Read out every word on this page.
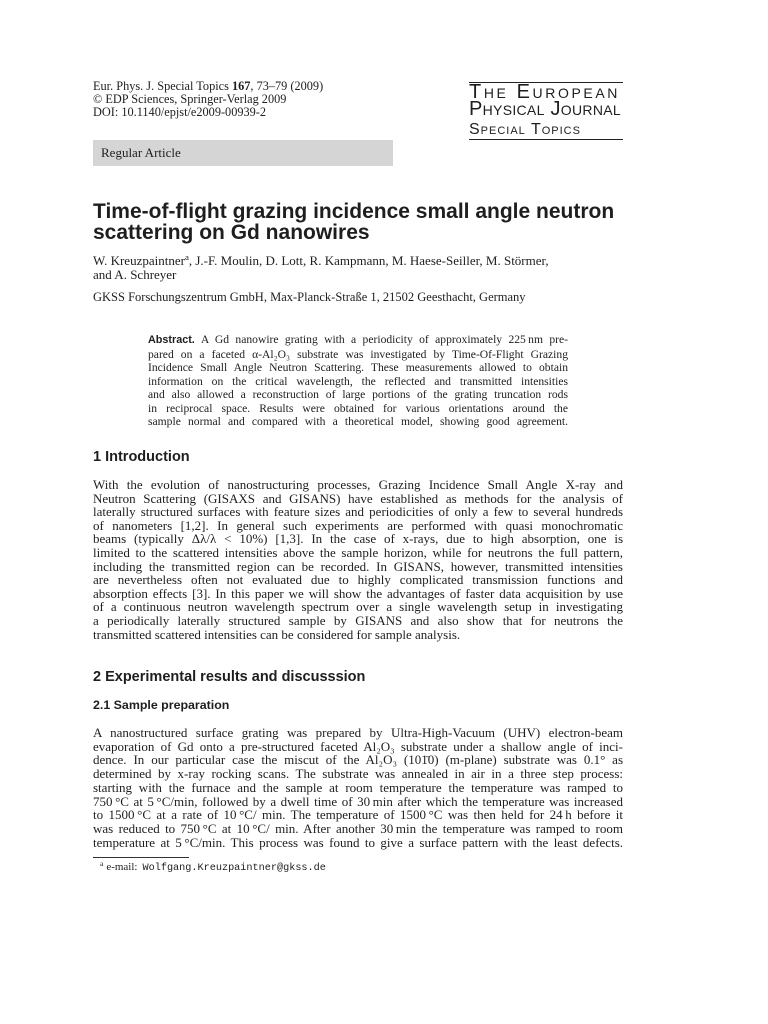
Eur. Phys. J. Special Topics 167, 73–79 (2009)
© EDP Sciences, Springer-Verlag 2009
DOI: 10.1140/epjst/e2009-00939-2
The European
Physical Journal
Special Topics
Regular Article
Time-of-flight grazing incidence small angle neutron
scattering on Gd nanowires
W. Kreuzpaintner$^a$, J.-F. Moulin, D. Lott, R. Kampmann, M. Haese-Seiller, M. Störmer,
and A. Schreyer
GKSS Forschungszentrum GmbH, Max-Planck-Straße 1, 21502 Geesthacht, Germany
Abstract. A Gd nanowire grating with a periodicity of approximately 225 nm pre-
pared on a faceted α-Al₂O₃ substrate was investigated by Time-Of-Flight Grazing
Incidence Small Angle Neutron Scattering. These measurements allowed to obtain
information on the critical wavelength, the reflected and transmitted intensities
and also allowed a reconstruction of large portions of the grating truncation rods
in reciprocal space. Results were obtained for various orientations around the
sample normal and compared with a theoretical model, showing good agreement.
1 Introduction
With the evolution of nanostructuring processes, Grazing Incidence Small Angle X-ray and
Neutron Scattering (GISAXS and GISANS) have established as methods for the analysis of
laterally structured surfaces with feature sizes and periodicities of only a few to several hundreds
of nanometers [1,2]. In general such experiments are performed with quasi monochromatic
beams (typically Δλ/λ < 10%) [1,3]. In the case of x-rays, due to high absorption, one is
limited to the scattered intensities above the sample horizon, while for neutrons the full pattern,
including the transmitted region can be recorded. In GISANS, however, transmitted intensities
are nevertheless often not evaluated due to highly complicated transmission functions and
absorption effects [3]. In this paper we will show the advantages of faster data acquisition by use
of a continuous neutron wavelength spectrum over a single wavelength setup in investigating
a periodically laterally structured sample by GISANS and also show that for neutrons the
transmitted scattered intensities can be considered for sample analysis.
2 Experimental results and discusssion
2.1 Sample preparation
A nanostructured surface grating was prepared by Ultra-High-Vacuum (UHV) electron-beam
evaporation of Gd onto a pre-structured faceted Al₂O₃ substrate under a shallow angle of inci-
dence. In our particular case the miscut of the Al₂O₃ (101̄0) (m-plane) substrate was 0.1° as
determined by x-ray rocking scans. The substrate was annealed in air in a three step process:
starting with the furnace and the sample at room temperature the temperature was ramped to
750 °C at 5 °C/min, followed by a dwell time of 30 min after which the temperature was increased
to 1500 °C at a rate of 10 °C/ min. The temperature of 1500 °C was then held for 24 h before it
was reduced to 750 °C at 10 °C/ min. After another 30 min the temperature was ramped to room
temperature at 5 °C/min. This process was found to give a surface pattern with the least defects.
$^a$ e-mail: Wolfgang.Kreuzpaintner@gkss.de
